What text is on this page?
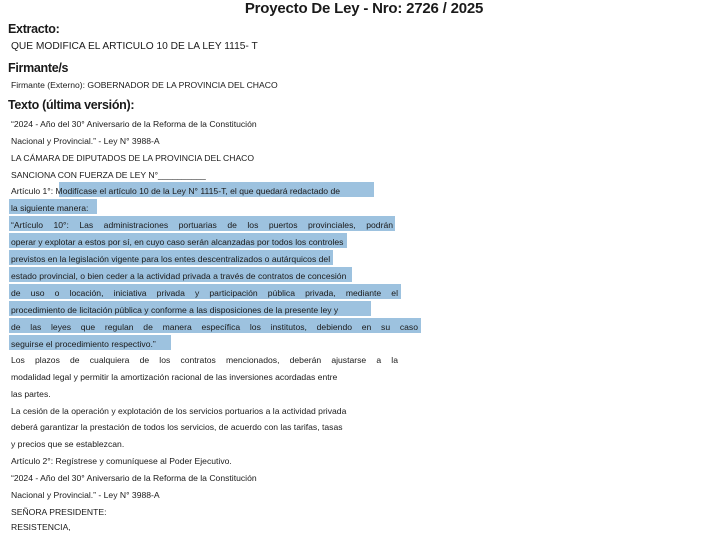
Proyecto De Ley - Nro: 2726 / 2025
Extracto:
QUE MODIFICA EL ARTICULO 10 DE LA LEY 1115- T
Firmante/s
Firmante (Externo): GOBERNADOR DE LA PROVINCIA DEL CHACO
Texto (última versión):
“2024 - Año del 30° Aniversario de la Reforma de la Constitución
Nacional y Provincial.” - Ley N° 3988-A
LA CÁMARA DE DIPUTADOS DE LA PROVINCIA DEL CHACO
SANCIONA CON FUERZA DE LEY N°__________
Artículo 1°: Modifícase el artículo 10 de la Ley N° 1115-T, el que quedará redactado de
la siguiente manera:
“Artículo 10°: Las administraciones portuarias de los puertos provinciales, podrán
operar y explotar a estos por sí, en cuyo caso serán alcanzadas por todos los controles
previstos en la legislación vigente para los entes descentralizados o autárquicos del
estado provincial, o bien ceder a la actividad privada a través de contratos de concesión
de uso o locación, iniciativa privada y participación pública privada, mediante el
procedimiento de licitación pública y conforme a las disposiciones de la presente ley y
de las leyes que regulan de manera específica los institutos, debiendo en su caso
seguirse el procedimiento respectivo.”
Los plazos de cualquiera de los contratos mencionados, deberán ajustarse a la
modalidad legal y permitir la amortización racional de las inversiones acordadas entre
las partes.
La cesión de la operación y explotación de los servicios portuarios a la actividad privada
deberá garantizar la prestación de todos los servicios, de acuerdo con las tarifas, tasas
y precios que se establezcan.
Artículo 2°: Regístrese y comuníquese al Poder Ejecutivo.
“2024 - Año del 30° Aniversario de la Reforma de la Constitución
Nacional y Provincial.” - Ley N° 3988-A
SEÑORA PRESIDENTE:
RESISTENCIA,
